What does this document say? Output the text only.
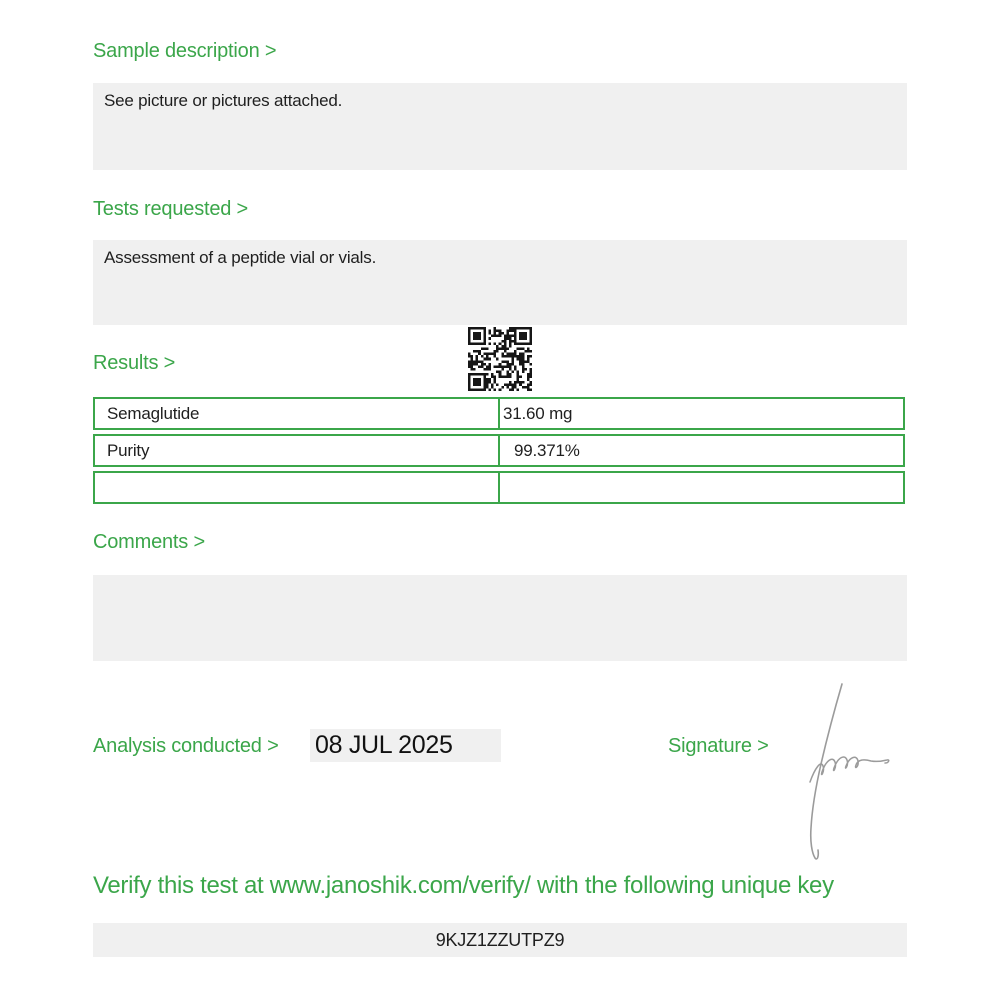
Sample description >
See picture or pictures attached.
Tests requested >
Assessment of a peptide vial or vials.
Results >
Semaglutide	31.60 mg
Purity	99.371%
Comments >
Analysis conducted > 08 JUL 2025	Signature >
Verify this test at www.janoshik.com/verify/ with the following unique key
9KJZ1ZZUTPZ9
